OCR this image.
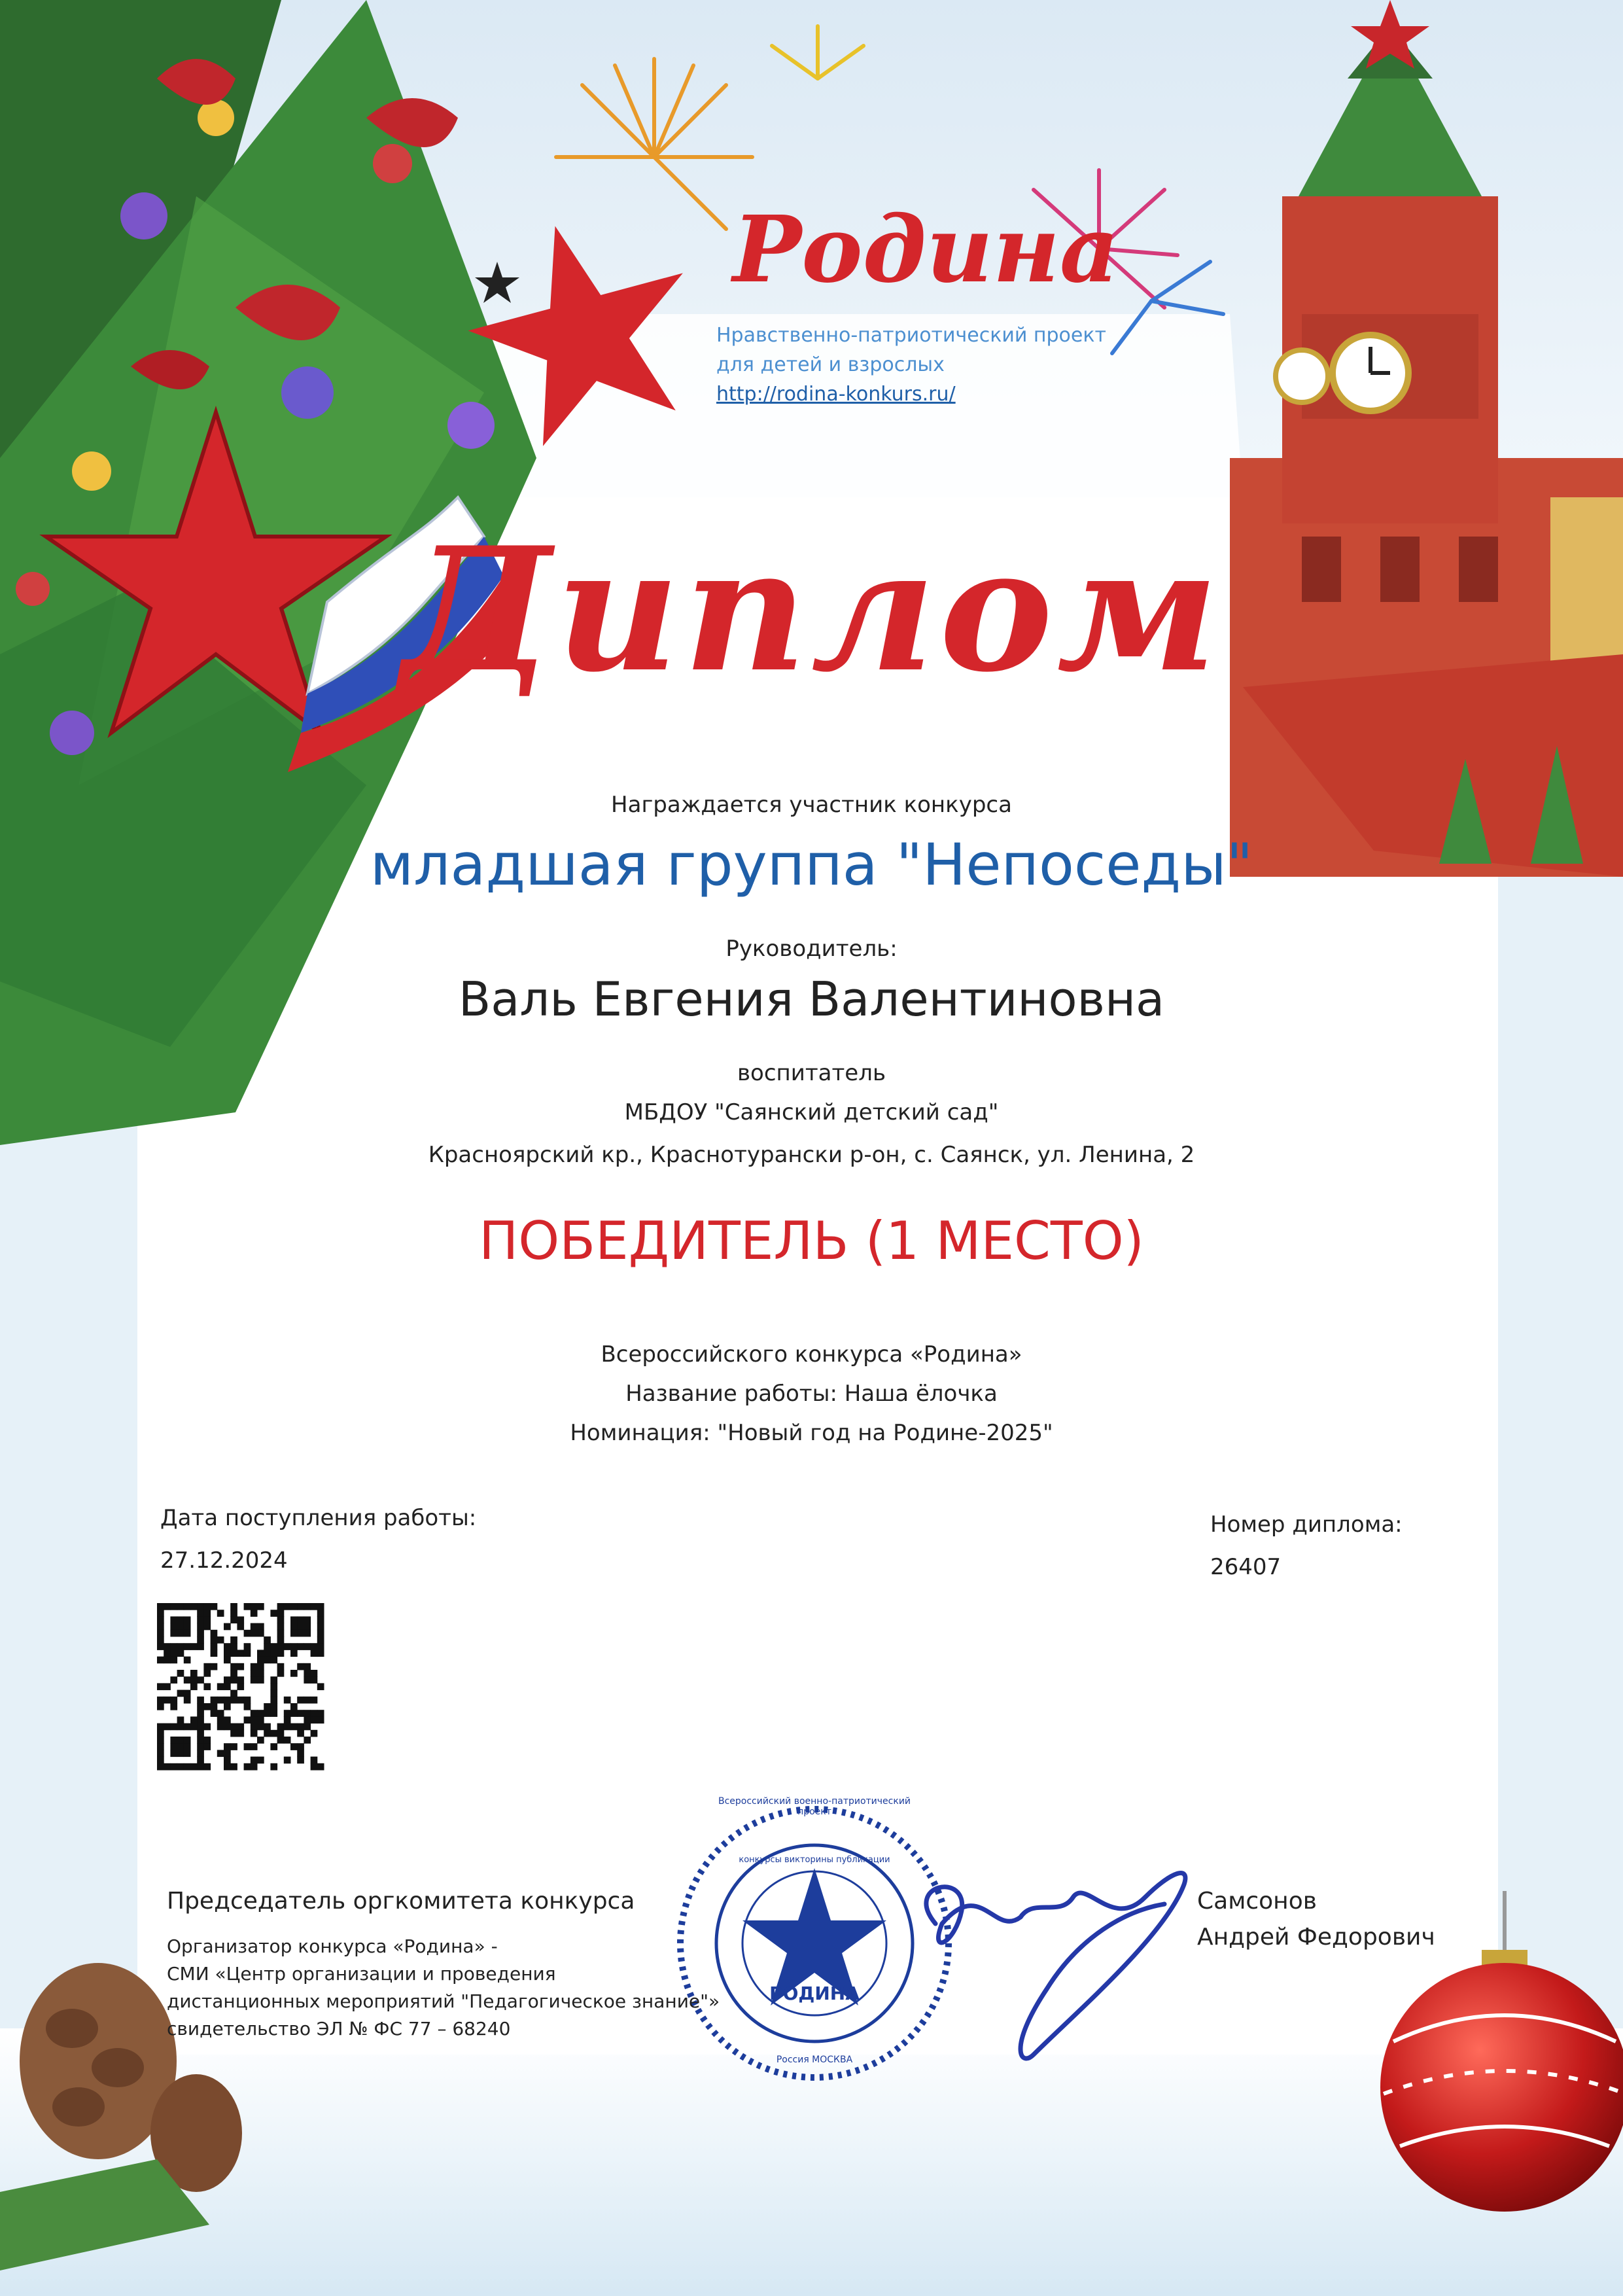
Родина
Нравственно-патриотический проект
для детей и взрослых
http://rodina-konkurs.ru/
Диплом
Награждается участник конкурса
младшая группа "Непоседы"
Руководитель:
Валь Евгения Валентиновна
воспитатель
МБДОУ "Саянский детский сад"
Красноярский кр., Краснотурански р-он, с. Саянск, ул. Ленина, 2
ПОБЕДИТЕЛЬ (1 МЕСТО)
Всероссийского конкурса «Родина»
Название работы: Наша ёлочка
Номинация: "Новый год на Родине-2025"
Дата поступления работы:
27.12.2024
Номер диплома:
26407
Председатель оргкомитета конкурса
Организатор конкурса «Родина» -
СМИ «Центр организации и проведения
дистанционных мероприятий "Педагогическое знание"»
свидетельство ЭЛ № ФС 77 – 68240
Самсонов
Андрей Федорович
РОДИНА
Всероссийский военно-патриотический проект
конкурсы викторины публикации
Россия МОСКВА
